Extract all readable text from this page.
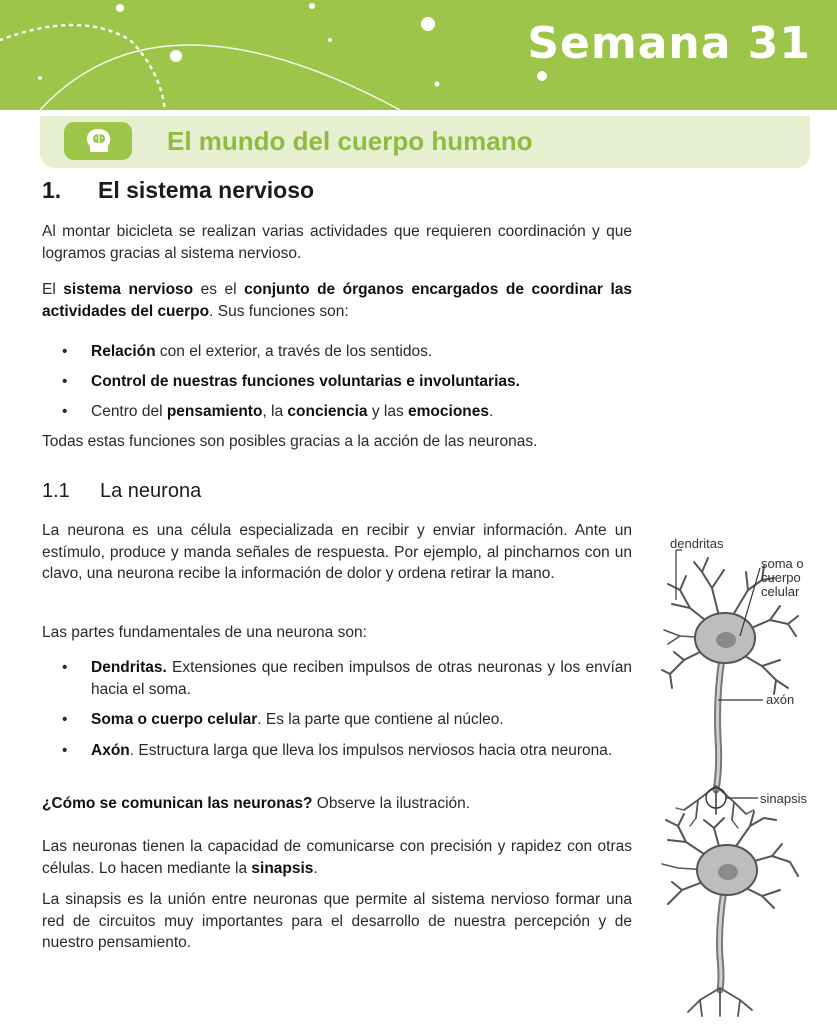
Semana 31
El mundo del cuerpo humano
1. El sistema nervioso

Al montar bicicleta se realizan varias actividades que requieren coordinación y que logramos gracias al sistema nervioso.

El sistema nervioso es el conjunto de órganos encargados de coordinar las actividades del cuerpo. Sus funciones son:

• Relación con el exterior, a través de los sentidos.
• Control de nuestras funciones voluntarias e involuntarias.
• Centro del pensamiento, la conciencia y las emociones.

Todas estas funciones son posibles gracias a la acción de las neuronas.

1.1 La neurona

La neurona es una célula especializada en recibir y enviar información. Ante un estímulo, produce y manda señales de respuesta. Por ejemplo, al pincharnos con un clavo, una neurona recibe la información de dolor y ordena retirar la mano.

Las partes fundamentales de una neurona son:

• Dendritas. Extensiones que reciben impulsos de otras neuronas y los envían hacia el soma.
• Soma o cuerpo celular. Es la parte que contiene al núcleo.
• Axón. Estructura larga que lleva los impulsos nerviosos hacia otra neurona.

¿Cómo se comunican las neuronas? Observe la ilustración.

Las neuronas tienen la capacidad de comunicarse con precisión y rapidez con otras células. Lo hacen mediante la sinapsis.

La sinapsis es la unión entre neuronas que permite al sistema nervioso formar una red de circuitos muy importantes para el desarrollo de nuestra percepción y de nuestro pensamiento.

dendritas
soma o
cuerpo
celular
axón
sinapsis
